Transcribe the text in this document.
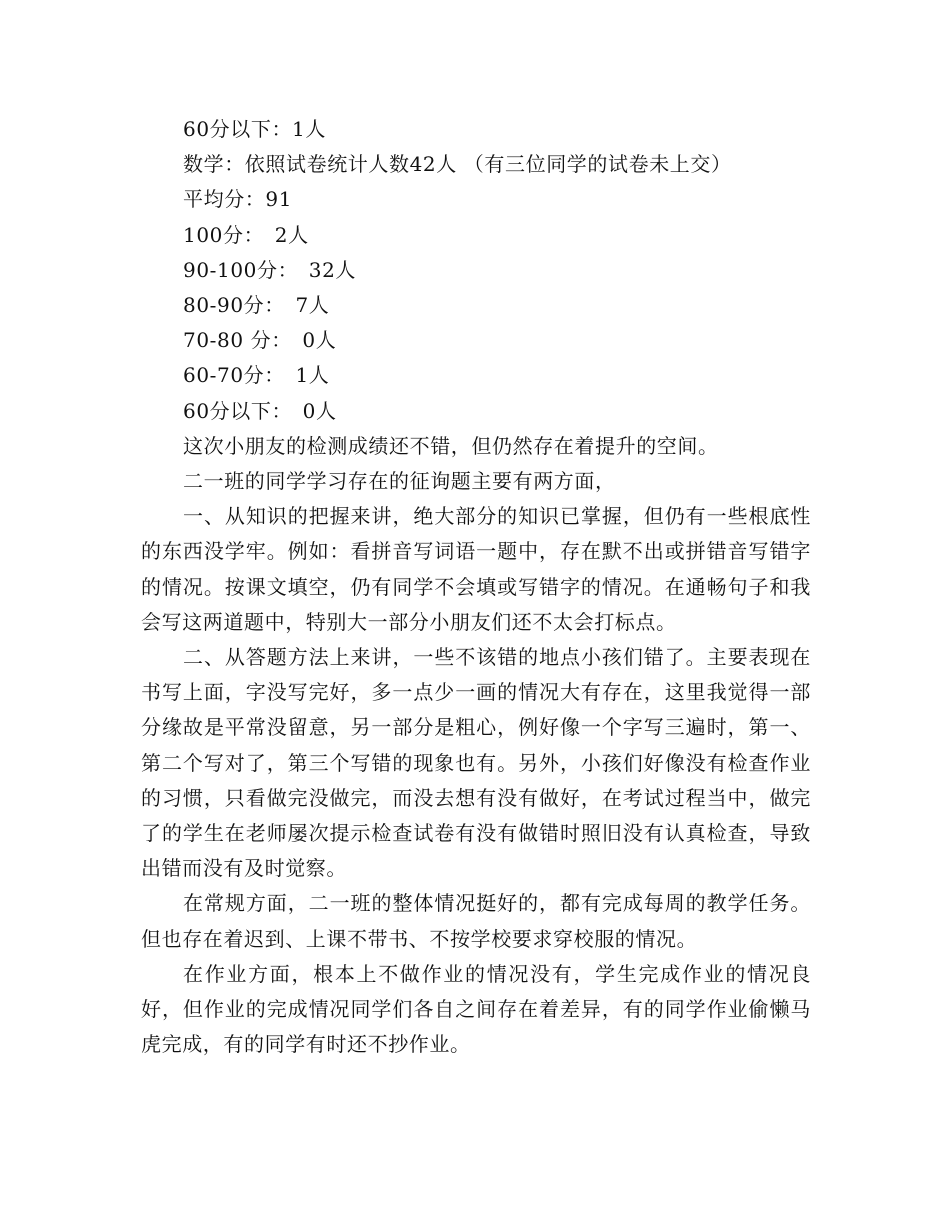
60分以下：1人

数学：依照试卷统计人数42人 （有三位同学的试卷未上交）

平均分：91

100分：　2人

90-100分：　32人

80-90分：　7人

70-80 分：　0人

60-70分：　1人

60分以下：　0人

这次小朋友的检测成绩还不错，但仍然存在着提升的空间。

二一班的同学学习存在的征询题主要有两方面，

一、从知识的把握来讲，绝大部分的知识已掌握，但仍有一些根底性的东西没学牢。例如：看拼音写词语一题中，存在默不出或拼错音写错字的情况。按课文填空，仍有同学不会填或写错字的情况。在通畅句子和我会写这两道题中，特别大一部分小朋友们还不太会打标点。

二、从答题方法上来讲，一些不该错的地点小孩们错了。主要表现在书写上面，字没写完好，多一点少一画的情况大有存在，这里我觉得一部分缘故是平常没留意，另一部分是粗心，例好像一个字写三遍时，第一、第二个写对了，第三个写错的现象也有。另外，小孩们好像没有检查作业的习惯，只看做完没做完，而没去想有没有做好，在考试过程当中，做完了的学生在老师屡次提示检查试卷有没有做错时照旧没有认真检查，导致出错而没有及时觉察。

在常规方面，二一班的整体情况挺好的，都有完成每周的教学任务。但也存在着迟到、上课不带书、不按学校要求穿校服的情况。

在作业方面，根本上不做作业的情况没有，学生完成作业的情况良好，但作业的完成情况同学们各自之间存在着差异，有的同学作业偷懒马虎完成，有的同学有时还不抄作业。
